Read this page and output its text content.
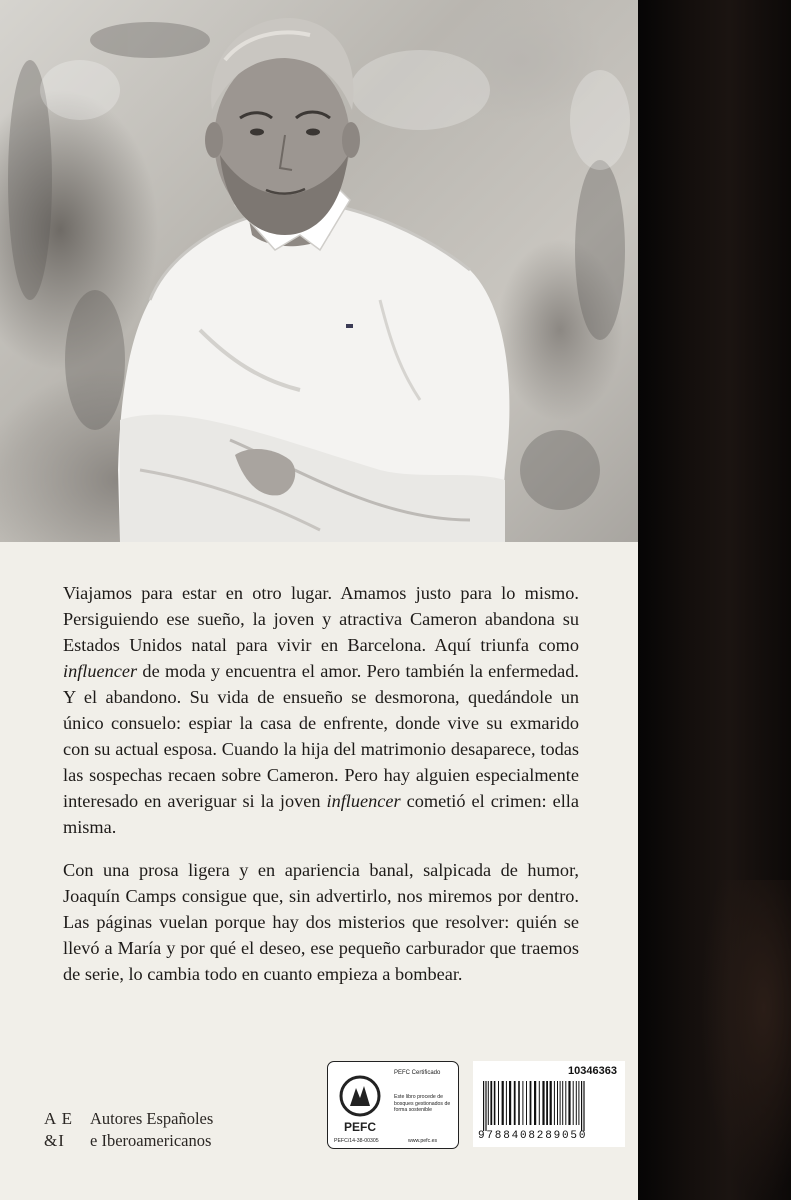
Viajamos para estar en otro lugar. Amamos justo para lo mismo. Persiguiendo ese sueño, la joven y atractiva Cameron abandona su Estados Unidos natal para vivir en Barcelona. Aquí triunfa como influencer de moda y encuentra el amor. Pero también la enfermedad. Y el abandono. Su vida de ensueño se desmorona, quedándole un único consuelo: espiar la casa de enfrente, donde vive su exmarido con su actual esposa. Cuando la hija del matrimonio desaparece, todas las sospechas recaen sobre Cameron. Pero hay alguien especialmente interesado en averiguar si la joven influencer cometió el crimen: ella misma.

Con una prosa ligera y en apariencia banal, salpicada de humor, Joaquín Camps consigue que, sin advertirlo, nos miremos por dentro. Las páginas vuelan porque hay dos misterios que resolver: quién se llevó a María y por qué el deseo, ese pequeño carburador que traemos de serie, lo cambia todo en cuanto empieza a bombear.

A E
&I
Autores Españoles
e Iberoamericanos
PEFC
PEFC Certificado
Este libro procede de bosques gestionados de forma sostenible
PEFC/14-38-00305	www.pefc.es
10346363
9788408289050
